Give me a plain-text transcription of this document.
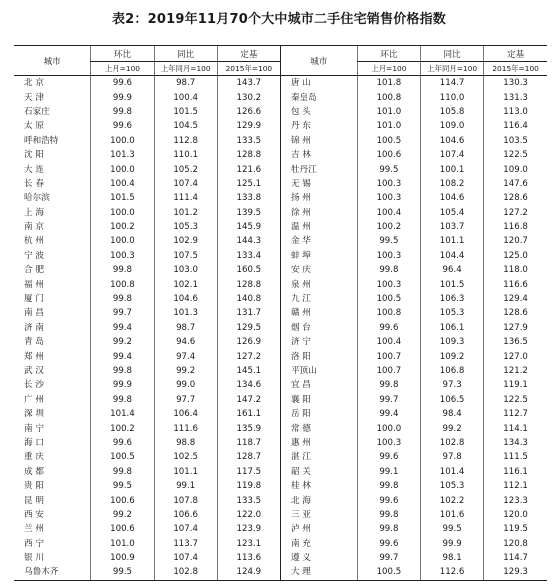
表2：2019年11月70个大中城市二手住宅销售价格指数
城市	环比	同比	定基	城市	环比	同比	定基
	上月=100	上年同月=100	2015年=100		上月=100	上年同月=100	2015年=100
北 京	99.6	98.7	143.7	唐 山	101.8	114.7	130.3
天 津	99.9	100.4	130.2	秦皇岛	100.8	110.0	131.3
石家庄	99.8	101.5	126.6	包 头	101.0	105.8	113.0
太 原	99.6	104.5	129.9	丹 东	101.0	109.0	116.4
呼和浩特	100.0	112.8	133.5	锦 州	100.5	104.6	103.5
沈 阳	101.3	110.1	128.8	吉 林	100.6	107.4	122.5
大 连	100.0	105.2	121.6	牡丹江	99.5	100.1	109.0
长 春	100.4	107.4	125.1	无 锡	100.3	108.2	147.6
哈尔滨	101.5	111.4	133.8	扬 州	100.3	104.6	128.6
上 海	100.0	101.2	139.5	徐 州	100.4	105.4	127.2
南 京	100.2	105.3	145.9	温 州	100.2	103.7	116.8
杭 州	100.0	102.9	144.3	金 华	99.5	101.1	120.7
宁 波	100.3	107.5	133.4	蚌 埠	100.3	104.4	125.0
合 肥	99.8	103.0	160.5	安 庆	99.8	96.4	118.0
福 州	100.8	102.1	128.8	泉 州	100.3	101.5	116.6
厦 门	99.8	104.6	140.8	九 江	100.5	106.3	129.4
南 昌	99.7	101.3	131.7	赣 州	100.8	105.3	128.6
济 南	99.4	98.7	129.5	烟 台	99.6	106.1	127.9
青 岛	99.2	94.6	126.9	济 宁	100.4	109.3	136.5
郑 州	99.4	97.4	127.2	洛 阳	100.7	109.2	127.0
武 汉	99.8	99.2	145.1	平顶山	100.7	106.8	121.2
长 沙	99.9	99.0	134.6	宜 昌	99.8	97.3	119.1
广 州	99.8	97.7	147.2	襄 阳	99.7	106.5	122.5
深 圳	101.4	106.4	161.1	岳 阳	99.4	98.4	112.7
南 宁	100.2	111.6	135.9	常 德	100.0	99.2	114.1
海 口	99.6	98.8	118.7	惠 州	100.3	102.8	134.3
重 庆	100.5	102.5	128.7	湛 江	99.6	97.8	111.5
成 都	99.8	101.1	117.5	韶 关	99.1	101.4	116.1
贵 阳	99.5	99.1	119.8	桂 林	99.8	105.3	112.1
昆 明	100.6	107.8	133.5	北 海	99.6	102.2	123.3
西 安	99.2	106.6	122.0	三 亚	99.8	101.6	120.0
兰 州	100.6	107.4	123.9	泸 州	99.8	99.5	119.5
西 宁	101.0	113.7	123.1	南 充	99.6	99.9	120.8
银 川	100.9	107.4	113.6	遵 义	99.7	98.1	114.7
乌鲁木齐	99.5	102.8	124.9	大 理	100.5	112.6	129.3
